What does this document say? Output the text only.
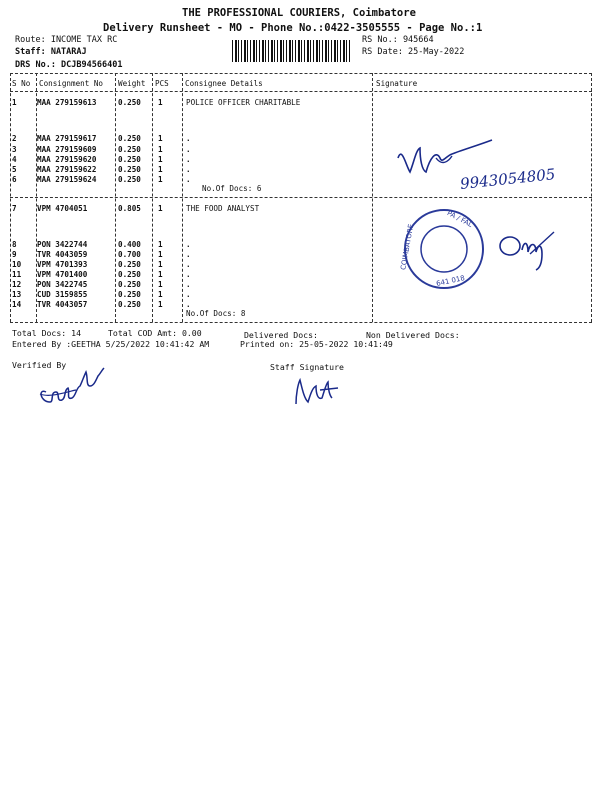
THE PROFESSIONAL COURIERS, Coimbatore
Delivery Runsheet - MO - Phone No.:0422-3505555 - Page No.:1
Route: INCOME TAX RC
Staff: NATARAJ
DRS No.: DCJB94566401
RS No.: 945664
RS Date: 25-May-2022
S No Consignment No Weight PCS Consignee Details	Signature
1	MAA 279159613	0.250 1	POLICE OFFICER CHARITABLE
2	MAA 279159617	0.250 1	.
3	MAA 279159609	0.250 1	.
4	MAA 279159620	0.250 1	.
5	MAA 279159622	0.250 1	.
6	MAA 279159624	0.250 1	.
No.Of Docs: 6	9943054805
7	VPM 4704051	0.805 1	THE FOOD ANALYST
8	PON 3422744	0.400 1	.
9	TVR 4043059	0.700 1	.
10 VPM 4701393	0.250 1	.
11 VPM 4701400	0.250 1	.
12 PON 3422745	0.250 1	.
13 CUD 3159855	0.250 1	.
14 TVR 4043057	0.250 1	.
No.Of Docs: 8
PA / FAL
COIMBATORE
641 018
Total Docs: 14	Total COD Amt: 0.00	Delivered Docs:	Non Delivered Docs:
Entered By :GEETHA 5/25/2022 10:41:42 AM	Printed on: 25-05-2022 10:41:49
Verified By	Staff Signature
